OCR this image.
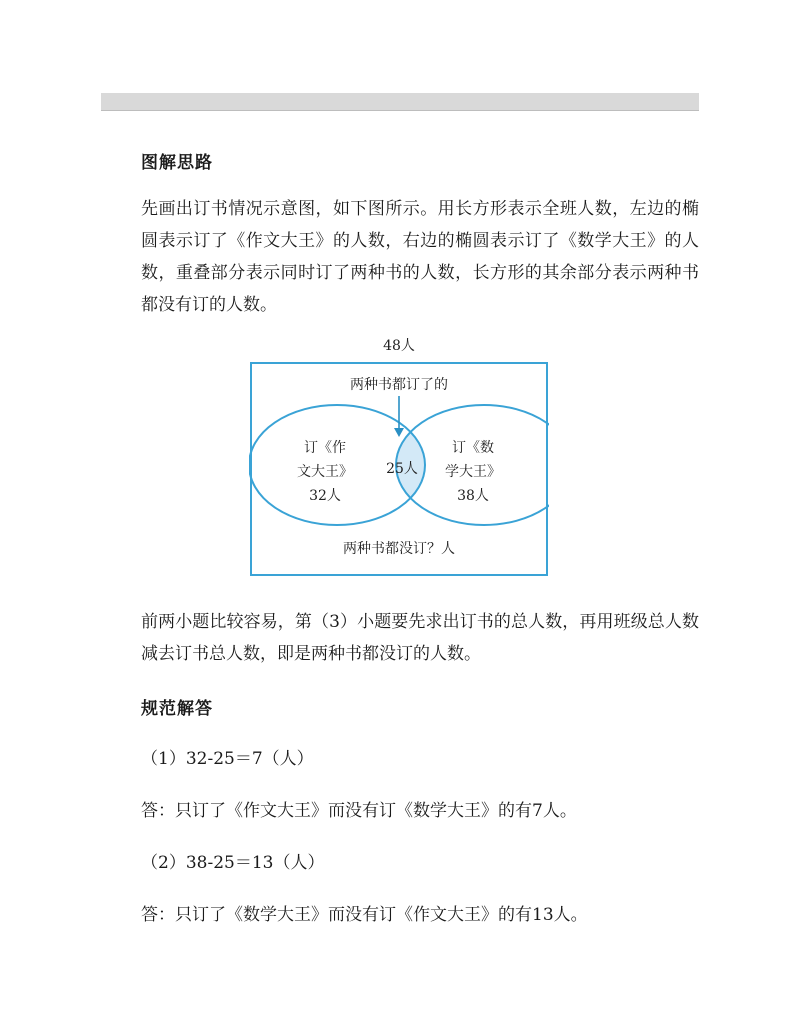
图解思路
先画出订书情况示意图，如下图所示。用长方形表示全班人数，左边的椭圆表示订了《作文大王》的人数，右边的椭圆表示订了《数学大王》的人数，重叠部分表示同时订了两种书的人数，长方形的其余部分表示两种书都没有订的人数。
48人
两种书都订了的
订《作
文大王》
32人
25人
订《数
学大王》
38人
两种书都没订？人
前两小题比较容易，第（3）小题要先求出订书的总人数，再用班级总人数减去订书总人数，即是两种书都没订的人数。
规范解答
（1）32-25＝7（人）
答：只订了《作文大王》而没有订《数学大王》的有7人。
（2）38-25＝13（人）
答：只订了《数学大王》而没有订《作文大王》的有13人。
